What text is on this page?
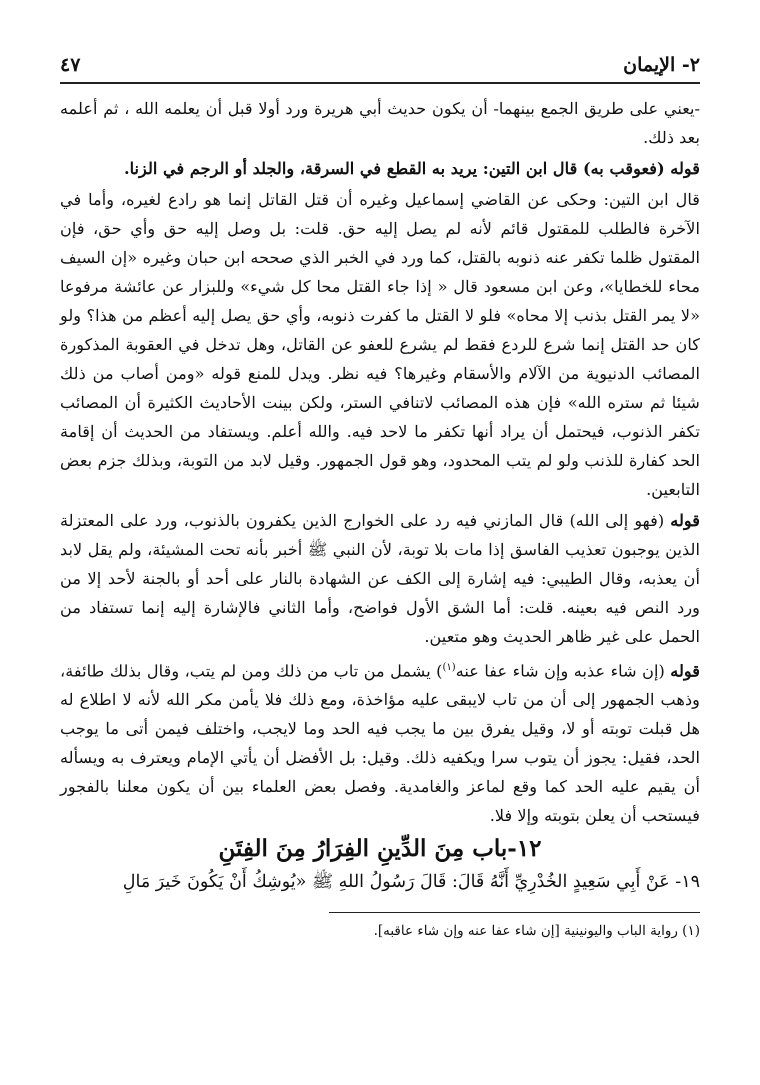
٢- الإيمان
٤٧

-يعني على طريق الجمع بينهما- أن يكون حديث أبي هريرة ورد أولا قبل أن يعلمه الله ، ثم أعلمه بعد ذلك.

قوله (فعوقب به) قال ابن التين: يريد به القطع في السرقة، والجلد أو الرجم في الزنا.

قال ابن التين: وحكى عن القاضي إسماعيل وغيره أن قتل القاتل إنما هو رادع لغيره، وأما في الآخرة فالطلب للمقتول قائم لأنه لم يصل إليه حق. قلت: بل وصل إليه حق وأي حق، فإن المقتول ظلما تكفر عنه ذنوبه بالقتل، كما ورد في الخبر الذي صححه ابن حبان وغيره «إن السيف محاء للخطايا»، وعن ابن مسعود قال « إذا جاء القتل محا كل شيء» وللبزار عن عائشة مرفوعا «لا يمر القتل بذنب إلا محاه» فلو لا القتل ما كفرت ذنوبه، وأي حق يصل إليه أعظم من هذا؟ ولو كان حد القتل إنما شرع للردع فقط لم يشرع للعفو عن القاتل، وهل تدخل في العقوبة المذكورة المصائب الدنيوية من الآلام والأسقام وغيرها؟ فيه نظر. ويدل للمنع قوله «ومن أصاب من ذلك شيئا ثم ستره الله» فإن هذه المصائب لاتنافي الستر، ولكن بينت الأحاديث الكثيرة أن المصائب تكفر الذنوب، فيحتمل أن يراد أنها تكفر ما لاحد فيه. والله أعلم. ويستفاد من الحديث أن إقامة الحد كفارة للذنب ولو لم يتب المحدود، وهو قول الجمهور. وقيل لابد من التوبة، وبذلك جزم بعض التابعين.

قوله (فهو إلى الله) قال المازني فيه رد على الخوارج الذين يكفرون بالذنوب، ورد على المعتزلة الذين يوجبون تعذيب الفاسق إذا مات بلا توبة، لأن النبي ﷺ أخبر بأنه تحت المشيئة، ولم يقل لابد أن يعذبه، وقال الطيبي: فيه إشارة إلى الكف عن الشهادة بالنار على أحد أو بالجنة لأحد إلا من ورد النص فيه بعينه. قلت: أما الشق الأول فواضح، وأما الثاني فالإشارة إليه إنما تستفاد من الحمل على غير ظاهر الحديث وهو متعين.

قوله (إن شاء عذبه وإن شاء عفا عنه$^{(١)}$) يشمل من تاب من ذلك ومن لم يتب، وقال بذلك طائفة، وذهب الجمهور إلى أن من تاب لايبقى عليه مؤاخذة، ومع ذلك فلا يأمن مكر الله لأنه لا اطلاع له هل قبلت توبته أو لا، وقيل يفرق بين ما يجب فيه الحد وما لايجب، واختلف فيمن أتى ما يوجب الحد، فقيل: يجوز أن يتوب سرا ويكفيه ذلك. وقيل: بل الأفضل أن يأتي الإمام ويعترف به ويسأله أن يقيم عليه الحد كما وقع لماعز والغامدية. وفصل بعض العلماء بين أن يكون معلنا بالفجور فيستحب أن يعلن بتوبته وإلا فلا.

١٢-باب مِنَ الدِّينِ الفِرَارُ مِنَ الفِتَنِ

١٩- عَنْ أَبِي سَعِيدٍ الخُدْرِيِّ أَنَّهُ قَالَ: قَالَ رَسُولُ اللهِ ﷺ «يُوشِكُ أَنْ يَكُونَ خَيرَ مَالِ

(١) رواية الباب واليونينية [إن شاء عفا عنه وإن شاء عاقبه].
